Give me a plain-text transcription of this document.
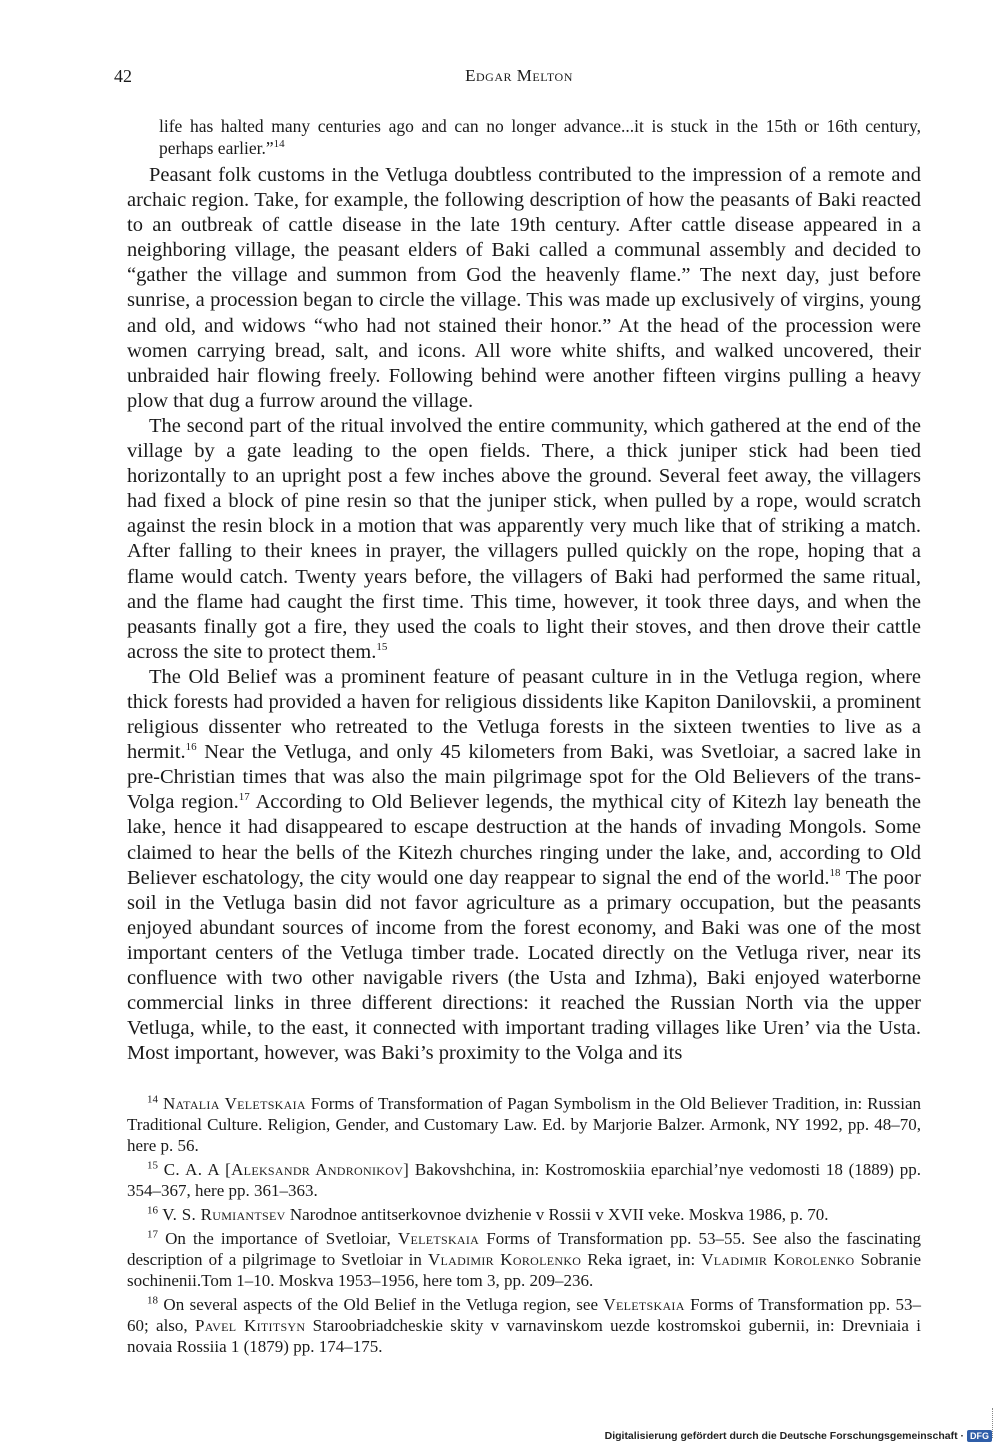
42	Edgar Melton

life has halted many centuries ago and can no longer advance...it is stuck in the 15th or 16th century, perhaps earlier.”$^{14}$

Peasant folk customs in the Vetluga doubtless contributed to the impression of a remote and archaic region. Take, for example, the following description of how the peasants of Baki reacted to an outbreak of cattle disease in the late 19th century. After cattle disease appeared in a neighboring village, the peasant elders of Baki called a communal assembly and decided to “gather the village and summon from God the heavenly flame.” The next day, just before sunrise, a procession began to circle the village. This was made up exclusively of virgins, young and old, and widows “who had not stained their honor.” At the head of the procession were women carrying bread, salt, and icons. All wore white shifts, and walked uncovered, their unbraided hair flowing freely. Following behind were another fifteen virgins pulling a heavy plow that dug a furrow around the village.

The second part of the ritual involved the entire community, which gathered at the end of the village by a gate leading to the open fields. There, a thick juniper stick had been tied horizontally to an upright post a few inches above the ground. Several feet away, the villagers had fixed a block of pine resin so that the juniper stick, when pulled by a rope, would scratch against the resin block in a motion that was apparently very much like that of striking a match. After falling to their knees in prayer, the villagers pulled quickly on the rope, hoping that a flame would catch. Twenty years before, the villagers of Baki had performed the same ritual, and the flame had caught the first time. This time, however, it took three days, and when the peasants finally got a fire, they used the coals to light their stoves, and then drove their cattle across the site to protect them.$^{15}$

The Old Belief was a prominent feature of peasant culture in in the Vetluga region, where thick forests had provided a haven for religious dissidents like Kapiton Danilovskii, a prominent religious dissenter who retreated to the Vetluga forests in the sixteen twenties to live as a hermit.$^{16}$ Near the Vetluga, and only 45 kilometers from Baki, was Svetloiar, a sacred lake in pre-Christian times that was also the main pilgrimage spot for the Old Believers of the trans-Volga region.$^{17}$ According to Old Believer legends, the mythical city of Kitezh lay beneath the lake, hence it had disappeared to escape destruction at the hands of invading Mongols. Some claimed to hear the bells of the Kitezh churches ringing under the lake, and, according to Old Believer eschatology, the city would one day reappear to signal the end of the world.$^{18}$ The poor soil in the Vetluga basin did not favor agriculture as a primary occupation, but the peasants enjoyed abundant sources of income from the forest economy, and Baki was one of the most important centers of the Vetluga timber trade. Located directly on the Vetluga river, near its confluence with two other navigable rivers (the Usta and Izhma), Baki enjoyed waterborne commercial links in three different directions: it reached the Russian North via the upper Vetluga, while, to the east, it connected with important trading villages like Uren’ via the Usta. Most important, however, was Baki’s proximity to the Volga and its

$^{14}$ Natalia Veletskaia Forms of Transformation of Pagan Symbolism in the Old Believer Tradition, in: Russian Traditional Culture. Religion, Gender, and Customary Law. Ed. by Marjorie Balzer. Armonk, NY 1992, pp. 48–70, here p. 56.

$^{15}$ C. A. A [Aleksandr Andronikov] Bakovshchina, in: Kostromoskiia eparchial’nye vedomosti 18 (1889) pp. 354–367, here pp. 361–363.

$^{16}$ V. S. Rumiantsev Narodnoe antitserkovnoe dvizhenie v Rossii v XVII veke. Moskva 1986, p. 70.

$^{17}$ On the importance of Svetloiar, Veletskaia Forms of Transformation pp. 53–55. See also the fascinating description of a pilgrimage to Svetloiar in Vladimir Korolenko Reka igraet, in: Vladimir Korolenko Sobranie sochinenii.Tom 1–10. Moskva 1953–1956, here tom 3, pp. 209–236.

$^{18}$ On several aspects of the Old Belief in the Vetluga region, see Veletskaia Forms of Transformation pp. 53–60; also, Pavel Kititsyn Staroobriadcheskie skity v varnavinskom uezde kostromskoi gubernii, in: Drevniaia i novaia Rossiia 1 (1879) pp. 174–175.

Digitalisierung gefördert durch die Deutsche Forschungsgemeinschaft · DFG
